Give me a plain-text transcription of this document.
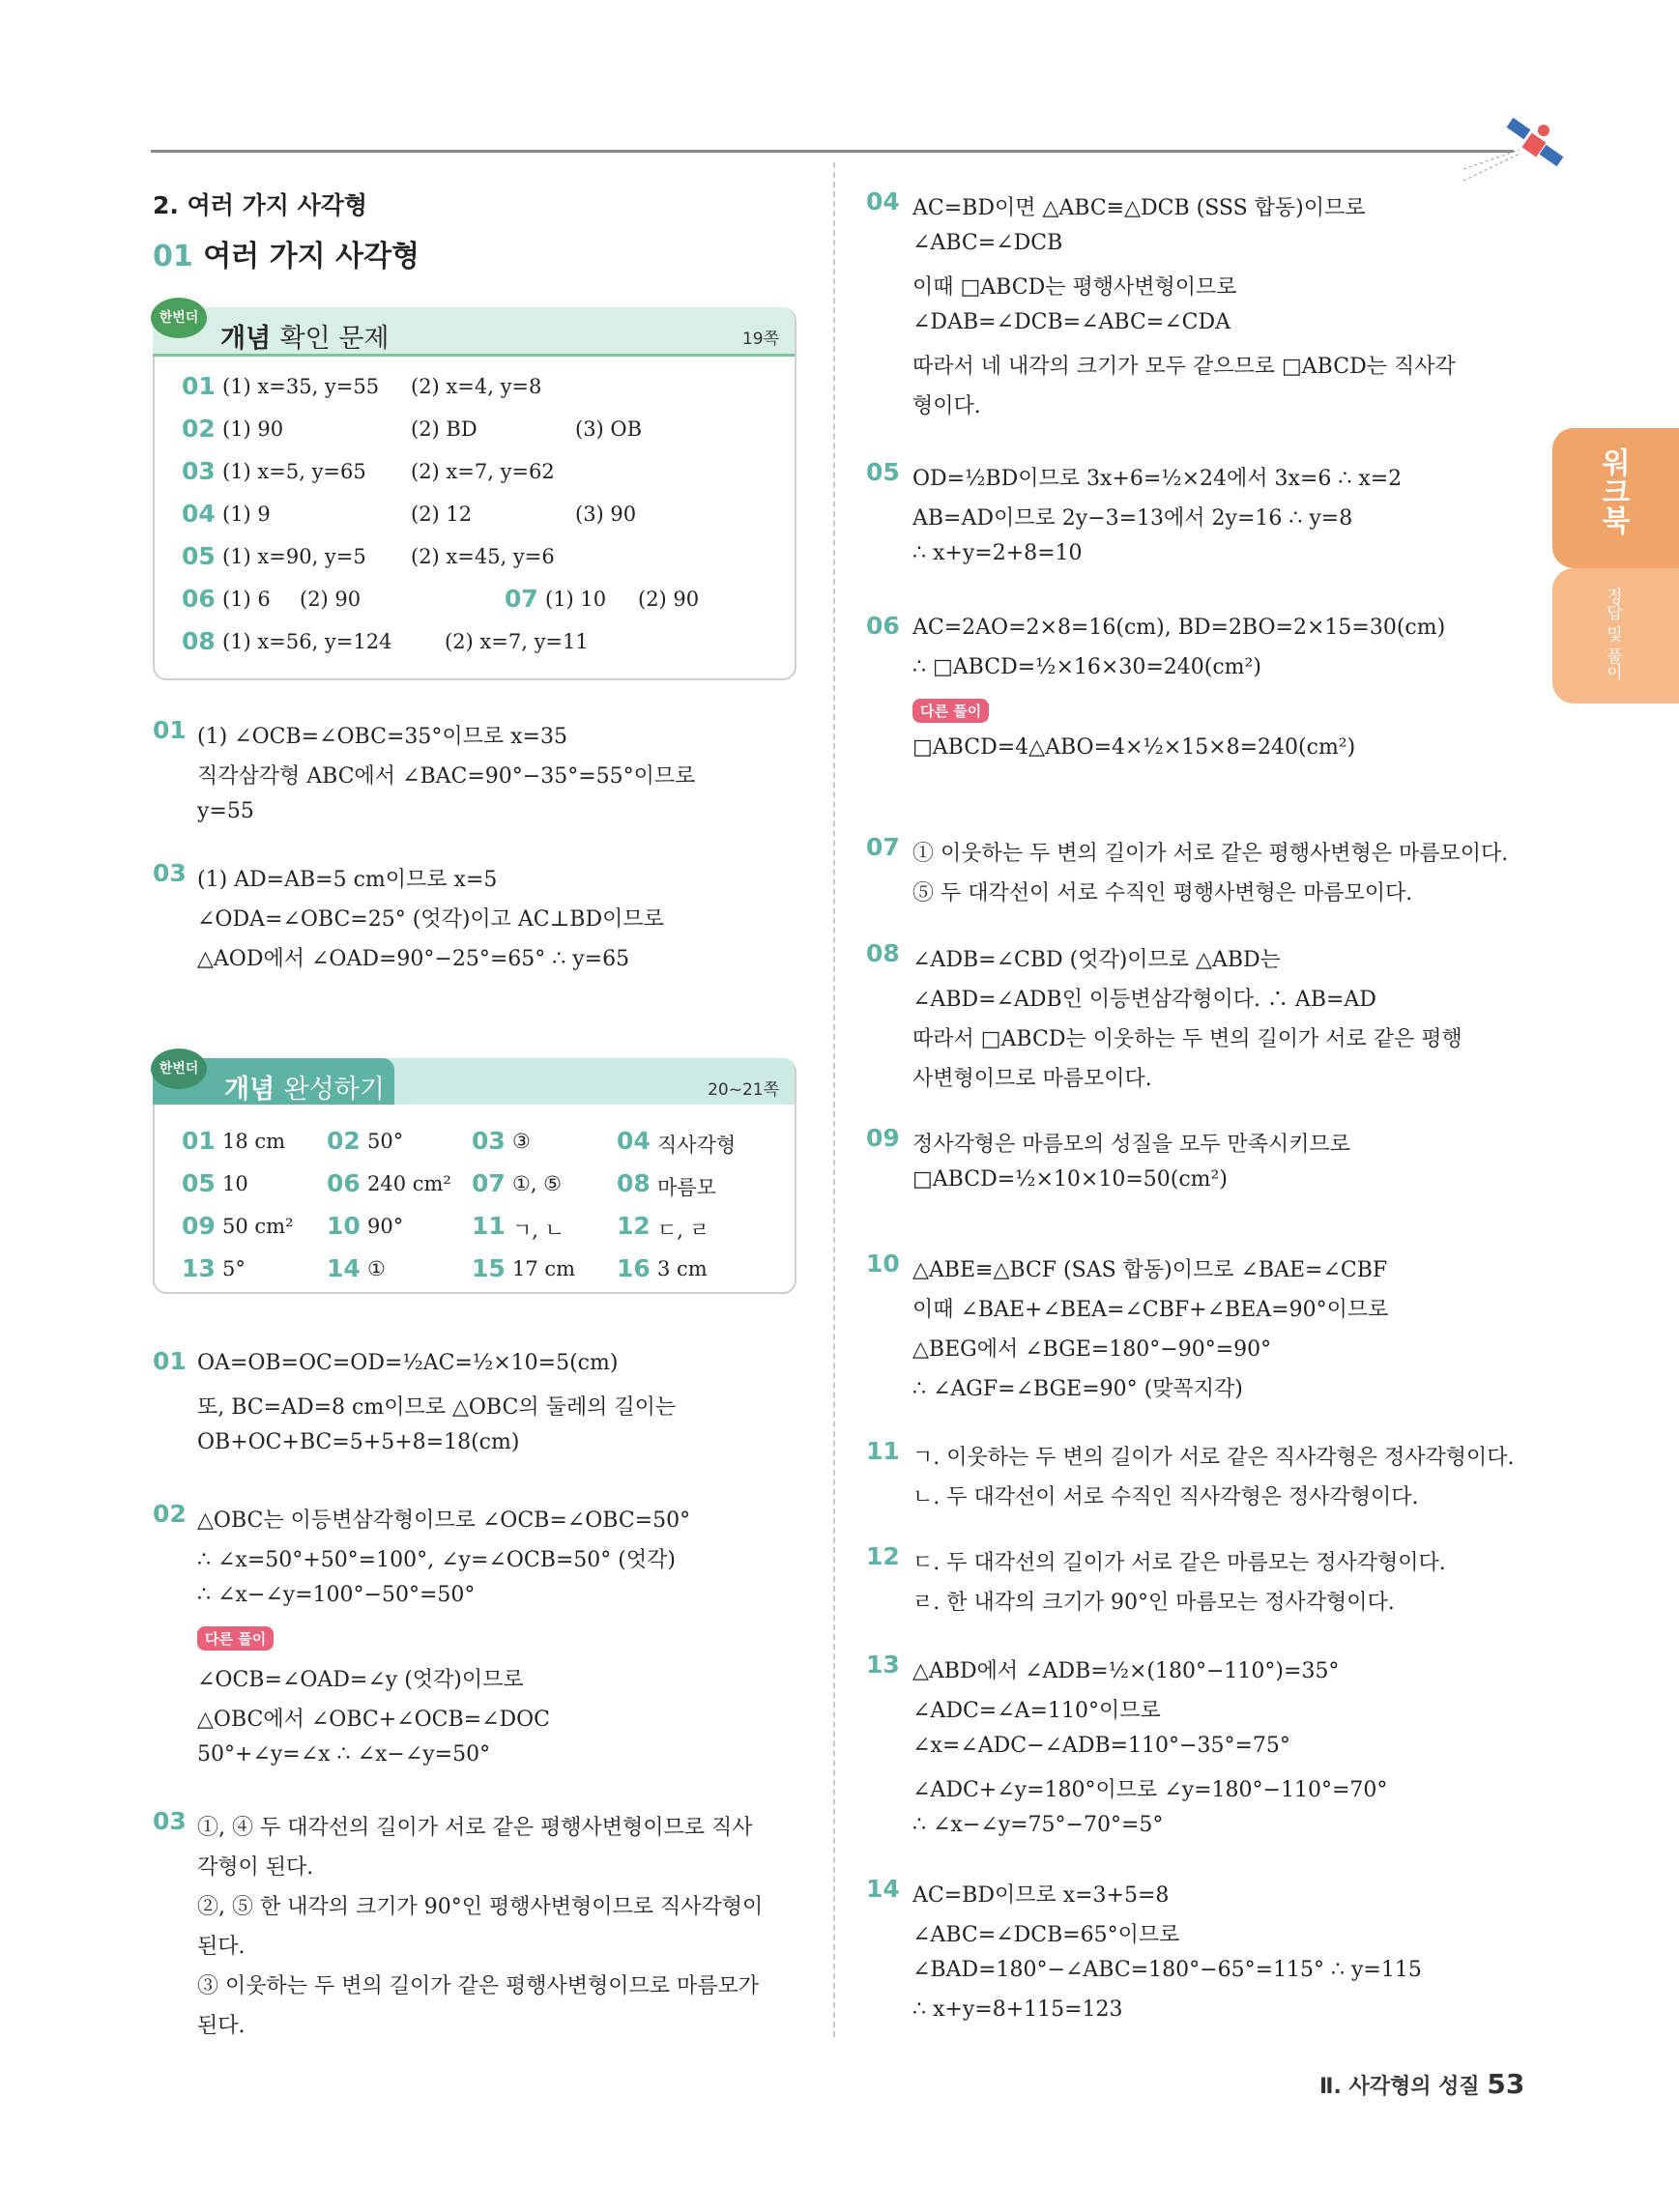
2. 여러 가지 사각형
01 여러 가지 사각형
한번더
개념 확인 문제	19쪽
01 (1) x=35, y=55 (2) x=4, y=8
02 (1) 90	(2) BD	(3) OB
03 (1) x=5, y=65 (2) x=7, y=62
04 (1) 9	(2) 12	(3) 90
05 (1) x=90, y=5 (2) x=45, y=6
06 (1) 6 (2) 90	07 (1) 10 (2) 90
08 (1) x=56, y=124	(2) x=7, y=11
01 (1) ∠OCB=∠OBC=35°이므로 x=35
직각삼각형 ABC에서 ∠BAC=90°−35°=55°이므로
y=55
03 (1) AD=AB=5 cm이므로 x=5
∠ODA=∠OBC=25° (엇각)이고 AC⊥BD이므로
△AOD에서 ∠OAD=90°−25°=65° ∴ y=65
한번더
개념 완성하기	20~21쪽
01 18 cm 02 50°	03 ③	04 직사각형
05 10	06 240 cm² 07 ①, ⑤ 08 마름모
09 50 cm² 10 90°	11 ㄱ, ㄴ 12 ㄷ, ㄹ
13 5°	14 ①	15 17 cm 16 3 cm
01 OA=OB=OC=OD=½AC=½×10=5(cm)
또, BC=AD=8 cm이므로 △OBC의 둘레의 길이는
OB+OC+BC=5+5+8=18(cm)
02 △OBC는 이등변삼각형이므로 ∠OCB=∠OBC=50°
∴ ∠x=50°+50°=100°, ∠y=∠OCB=50° (엇각)
∴ ∠x−∠y=100°−50°=50°
다른 풀이
∠OCB=∠OAD=∠y (엇각)이므로
△OBC에서 ∠OBC+∠OCB=∠DOC
50°+∠y=∠x ∴ ∠x−∠y=50°
03 ①, ④ 두 대각선의 길이가 서로 같은 평행사변형이므로 직사
각형이 된다.
②, ⑤ 한 내각의 크기가 90°인 평행사변형이므로 직사각형이
된다.
③ 이웃하는 두 변의 길이가 같은 평행사변형이므로 마름모가
된다.
04 AC=BD이면 △ABC≡△DCB (SSS 합동)이므로
∠ABC=∠DCB
이때 □ABCD는 평행사변형이므로
∠DAB=∠DCB=∠ABC=∠CDA
따라서 네 내각의 크기가 모두 같으므로 □ABCD는 직사각
형이다.
05 OD=½BD이므로 3x+6=½×24에서 3x=6 ∴ x=2
AB=AD이므로 2y−3=13에서 2y=16 ∴ y=8
∴ x+y=2+8=10
06 AC=2AO=2×8=16(cm), BD=2BO=2×15=30(cm)
∴ □ABCD=½×16×30=240(cm²)
다른 풀이
□ABCD=4△ABO=4×½×15×8=240(cm²)
07 ① 이웃하는 두 변의 길이가 서로 같은 평행사변형은 마름모이다.
⑤ 두 대각선이 서로 수직인 평행사변형은 마름모이다.
08 ∠ADB=∠CBD (엇각)이므로 △ABD는
∠ABD=∠ADB인 이등변삼각형이다. ∴ AB=AD
따라서 □ABCD는 이웃하는 두 변의 길이가 서로 같은 평행
사변형이므로 마름모이다.
09 정사각형은 마름모의 성질을 모두 만족시키므로
□ABCD=½×10×10=50(cm²)
10 △ABE≡△BCF (SAS 합동)이므로 ∠BAE=∠CBF
이때 ∠BAE+∠BEA=∠CBF+∠BEA=90°이므로
△BEG에서 ∠BGE=180°−90°=90°
∴ ∠AGF=∠BGE=90° (맞꼭지각)
11 ㄱ. 이웃하는 두 변의 길이가 서로 같은 직사각형은 정사각형이다.
ㄴ. 두 대각선이 서로 수직인 직사각형은 정사각형이다.
12 ㄷ. 두 대각선의 길이가 서로 같은 마름모는 정사각형이다.
ㄹ. 한 내각의 크기가 90°인 마름모는 정사각형이다.
13 △ABD에서 ∠ADB=½×(180°−110°)=35°
∠ADC=∠A=110°이므로
∠x=∠ADC−∠ADB=110°−35°=75°
∠ADC+∠y=180°이므로 ∠y=180°−110°=70°
∴ ∠x−∠y=75°−70°=5°
14 AC=BD이므로 x=3+5=8
∠ABC=∠DCB=65°이므로
∠BAD=180°−∠ABC=180°−65°=115° ∴ y=115
∴ x+y=8+115=123
워크북
정답 및 풀이
Ⅱ. 사각형의 성질 53
